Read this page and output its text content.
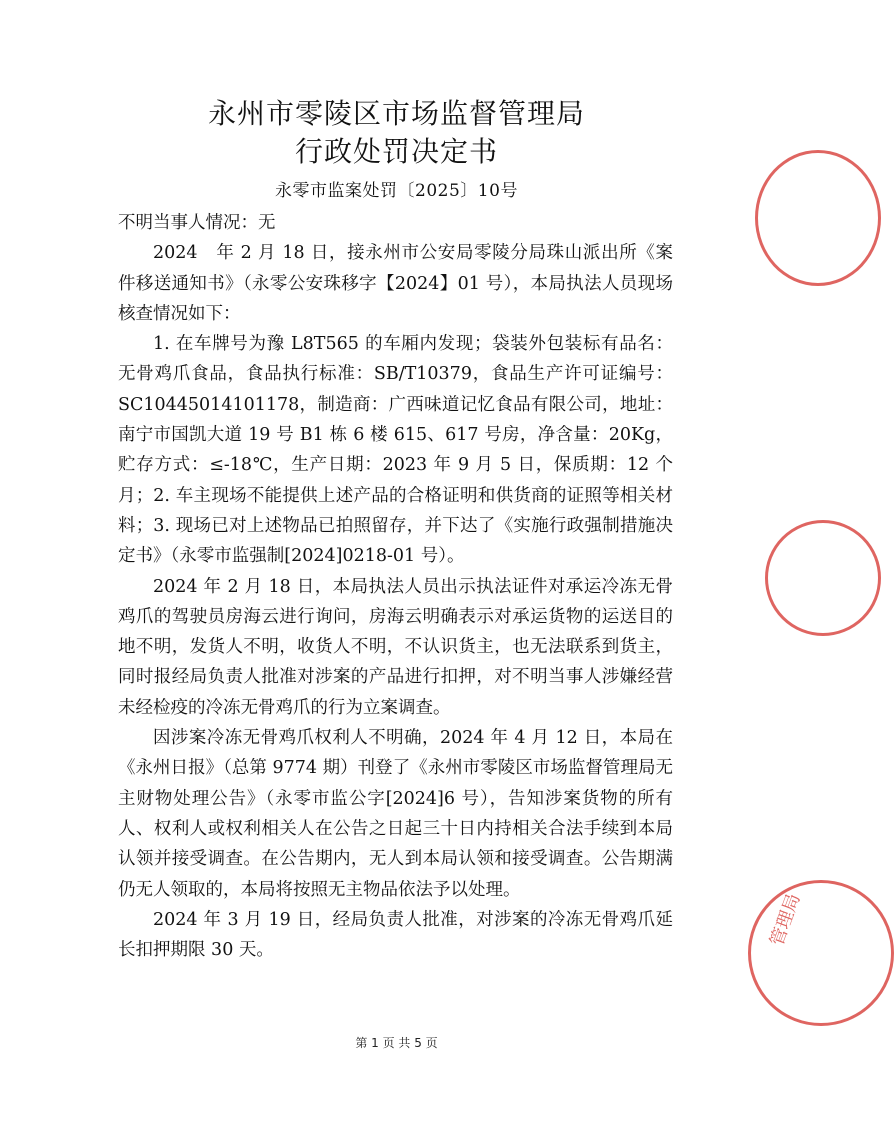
永州市零陵区市场监督管理局
行政处罚决定书
永零市监案处罚〔2025〕10号

不明当事人情况：无

2024　年 2 月 18 日，接永州市公安局零陵分局珠山派出所《案件移送通知书》（永零公安珠移字【2024】01 号），本局执法人员现场核查情况如下：

1. 在车牌号为豫 L8T565 的车厢内发现；袋装外包装标有品名：无骨鸡爪食品，食品执行标准：SB/T10379，食品生产许可证编号：SC10445014101178，制造商：广西味道记忆食品有限公司，地址：南宁市国凯大道 19 号 B1 栋 6 楼 615、617 号房，净含量：20Kg，贮存方式：≤-18℃，生产日期：2023 年 9 月 5 日，保质期：12 个月；2. 车主现场不能提供上述产品的合格证明和供货商的证照等相关材料；3. 现场已对上述物品已拍照留存，并下达了《实施行政强制措施决定书》（永零市监强制[2024]0218-01 号）。

2024 年 2 月 18 日，本局执法人员出示执法证件对承运冷冻无骨鸡爪的驾驶员房海云进行询问，房海云明确表示对承运货物的运送目的地不明，发货人不明，收货人不明，不认识货主，也无法联系到货主，同时报经局负责人批准对涉案的产品进行扣押，对不明当事人涉嫌经营未经检疫的冷冻无骨鸡爪的行为立案调查。

因涉案冷冻无骨鸡爪权利人不明确，2024 年 4 月 12 日，本局在《永州日报》（总第 9774 期）刊登了《永州市零陵区市场监督管理局无主财物处理公告》（永零市监公字[2024]6 号），告知涉案货物的所有人、权利人或权利相关人在公告之日起三十日内持相关合法手续到本局认领并接受调查。在公告期内，无人到本局认领和接受调查。公告期满仍无人领取的，本局将按照无主物品依法予以处理。

2024 年 3 月 19 日，经局负责人批准，对涉案的冷冻无骨鸡爪延长扣押期限 30 天。

第 1 页 共 5 页
管理局
